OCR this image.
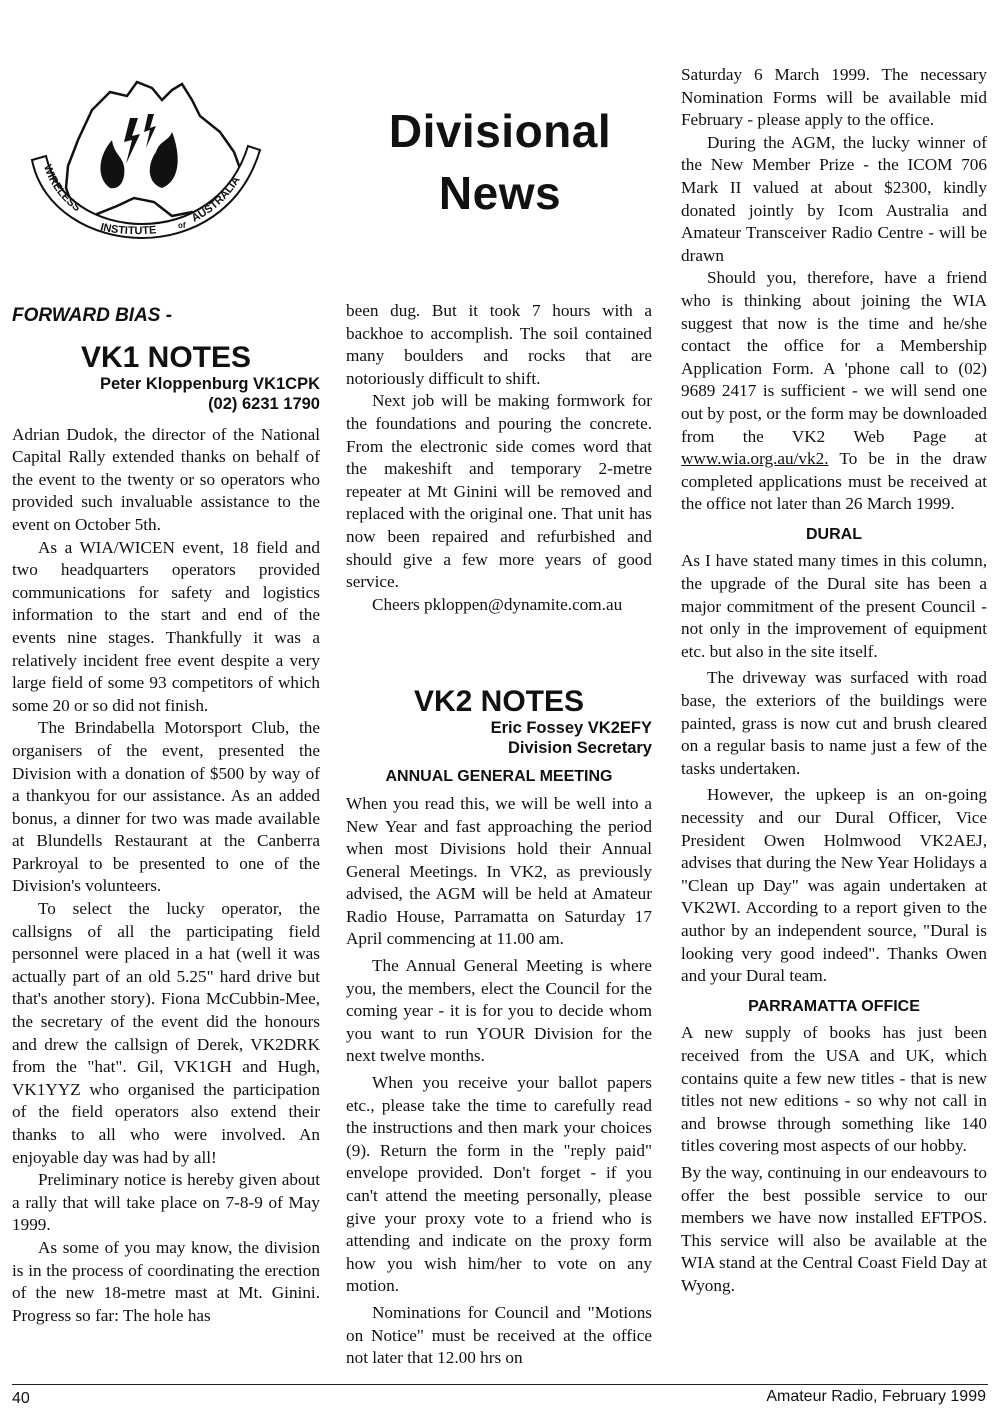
WIRELESS
INSTITUTE	of
AUSTRALIA
Divisional
News
FORWARD BIAS -
VK1 NOTES
Peter Kloppenburg VK1CPK
(02) 6231 1790

Adrian Dudok, the director of the National Capital Rally extended thanks on behalf of the event to the twenty or so operators who provided such invaluable assistance to the event on October 5th.

As a WIA/WICEN event, 18 field and two headquarters operators provided communications for safety and logistics information to the start and end of the events nine stages. Thankfully it was a relatively incident free event despite a very large field of some 93 competitors of which some 20 or so did not finish.

The Brindabella Motorsport Club, the organisers of the event, presented the Division with a donation of $500 by way of a thankyou for our assistance. As an added bonus, a dinner for two was made available at Blundells Restaurant at the Canberra Parkroyal to be presented to one of the Division's volunteers.

To select the lucky operator, the callsigns of all the participating field personnel were placed in a hat (well it was actually part of an old 5.25" hard drive but that's another story). Fiona McCubbin-Mee, the secretary of the event did the honours and drew the callsign of Derek, VK2DRK from the "hat". Gil, VK1GH and Hugh, VK1YYZ who organised the participation of the field operators also extend their thanks to all who were involved. An enjoyable day was had by all!

Preliminary notice is hereby given about a rally that will take place on 7-8-9 of May 1999.

As some of you may know, the division is in the process of coordinating the erection of the new 18-metre mast at Mt. Ginini. Progress so far: The hole has

been dug. But it took 7 hours with a backhoe to accomplish. The soil contained many boulders and rocks that are notoriously difficult to shift.

Next job will be making formwork for the foundations and pouring the concrete. From the electronic side comes word that the makeshift and temporary 2-metre repeater at Mt Ginini will be removed and replaced with the original one. That unit has now been repaired and refurbished and should give a few more years of good service.

Cheers pkloppen@dynamite.com.au

VK2 NOTES
Eric Fossey VK2EFY
Division Secretary
ANNUAL GENERAL MEETING

When you read this, we will be well into a New Year and fast approaching the period when most Divisions hold their Annual General Meetings. In VK2, as previously advised, the AGM will be held at Amateur Radio House, Parramatta on Saturday 17 April commencing at 11.00 am.

The Annual General Meeting is where you, the members, elect the Council for the coming year - it is for you to decide whom you want to run YOUR Division for the next twelve months.

When you receive your ballot papers etc., please take the time to carefully read the instructions and then mark your choices (9). Return the form in the "reply paid" envelope provided. Don't forget - if you can't attend the meeting personally, please give your proxy vote to a friend who is attending and indicate on the proxy form how you wish him/her to vote on any motion.

Nominations for Council and "Motions on Notice" must be received at the office not later that 12.00 hrs on

Saturday 6 March 1999. The necessary Nomination Forms will be available mid February - please apply to the office.

During the AGM, the lucky winner of the New Member Prize - the ICOM 706 Mark II valued at about $2300, kindly donated jointly by Icom Australia and Amateur Transceiver Radio Centre - will be drawn

Should you, therefore, have a friend who is thinking about joining the WIA suggest that now is the time and he/she contact the office for a Membership Application Form. A 'phone call to (02) 9689 2417 is sufficient - we will send one out by post, or the form may be downloaded from the VK2 Web Page at www.wia.org.au/vk2. To be in the draw completed applications must be received at the office not later than 26 March 1999.

DURAL

As I have stated many times in this column, the upgrade of the Dural site has been a major commitment of the present Council - not only in the improvement of equipment etc. but also in the site itself.

The driveway was surfaced with road base, the exteriors of the buildings were painted, grass is now cut and brush cleared on a regular basis to name just a few of the tasks undertaken.

However, the upkeep is an on-going necessity and our Dural Officer, Vice President Owen Holmwood VK2AEJ, advises that during the New Year Holidays a "Clean up Day" was again undertaken at VK2WI. According to a report given to the author by an independent source, "Dural is looking very good indeed". Thanks Owen and your Dural team.

PARRAMATTA OFFICE

A new supply of books has just been received from the USA and UK, which contains quite a few new titles - that is new titles not new editions - so why not call in and browse through something like 140 titles covering most aspects of our hobby.

By the way, continuing in our endeavours to offer the best possible service to our members we have now installed EFTPOS. This service will also be available at the WIA stand at the Central Coast Field Day at Wyong.

40	Amateur Radio, February 1999
